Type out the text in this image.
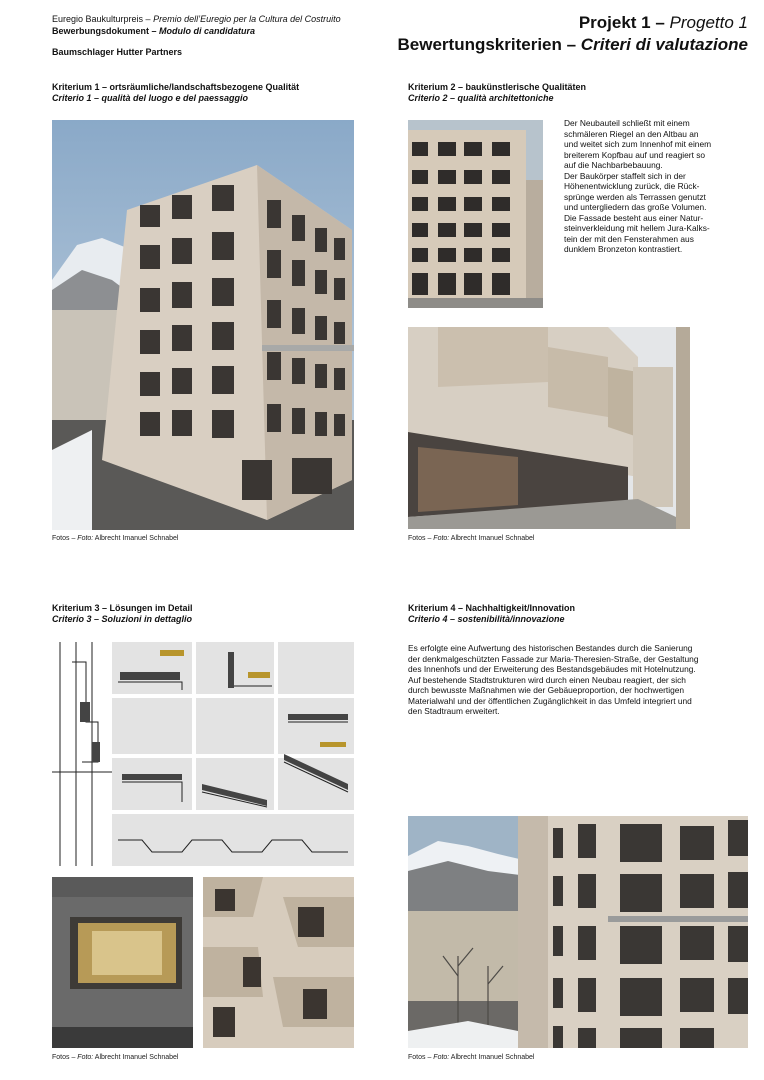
Euregio Baukulturpreis – Premio dell’Euregio per la Cultura del Costruito
Bewerbungsdokument – Modulo di candidatura
Baumschlager Hutter Partners
Projekt 1 – Progetto 1
Bewertungskriterien – Criteri di valutazione
Kriterium 1 – ortsräumliche/landschaftsbezogene Qualität
Criterio 1 – qualità del luogo e del paessaggio
Kriterium 2 – baukünstlerische Qualitäten
Criterio 2 – qualità architettoniche
Kriterium 3 – Lösungen im Detail
Criterio 3 – Soluzioni in dettaglio
Kriterium 4 – Nachhaltigkeit/Innovation
Criterio 4 – sostenibilità/innovazione
Fotos – Foto: Albrecht Imanuel Schnabel
Der Neubauteil schließt mit einem
schmäleren Riegel an den Altbau an
und weitet sich zum Innenhof mit einem
breiterem Kopfbau auf und reagiert so
auf die Nachbarbebauung.
Der Baukörper staffelt sich in der
Höhenentwicklung zurück, die Rück-
sprünge werden als Terrassen genutzt
und untergliedern das große Volumen.
Die Fassade besteht aus einer Natur-
steinverkleidung mit hellem Jura-Kalks-
tein der mit den Fensterahmen aus
dunklem Bronzeton kontrastiert.
Fotos – Foto: Albrecht Imanuel Schnabel
Fotos – Foto: Albrecht Imanuel Schnabel
Es erfolgte eine Aufwertung des historischen Bestandes durch die Sanierung
der denkmalgeschützten Fassade zur Maria-Theresien-Straße, der Gestaltung
des Innenhofs und der Erweiterung des Bestandsgebäudes mit Hotelnutzung.
Auf bestehende Stadtstrukturen wird durch einen Neubau reagiert, der sich
durch bewusste Maßnahmen wie der Gebäueproportion, der hochwertigen
Materialwahl und der öffentlichen Zugänglichkeit in das Umfeld integriert und
den Stadtraum erweitert.
Fotos – Foto: Albrecht Imanuel Schnabel
